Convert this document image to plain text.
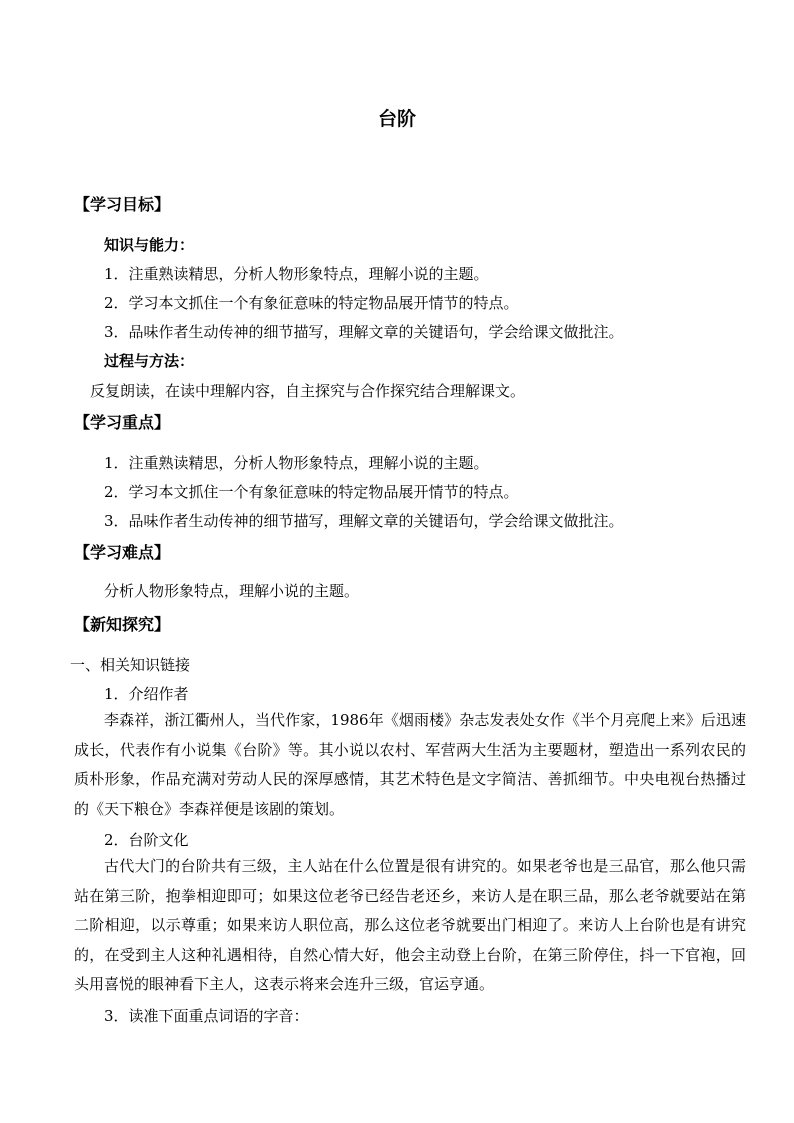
台阶
【学习目标】
知识与能力：
1．注重熟读精思，分析人物形象特点，理解小说的主题。
2．学习本文抓住一个有象征意味的特定物品展开情节的特点。
3．品味作者生动传神的细节描写，理解文章的关键语句，学会给课文做批注。
过程与方法：
反复朗读，在读中理解内容，自主探究与合作探究结合理解课文。
【学习重点】
1．注重熟读精思，分析人物形象特点，理解小说的主题。
2．学习本文抓住一个有象征意味的特定物品展开情节的特点。
3．品味作者生动传神的细节描写，理解文章的关键语句，学会给课文做批注。
【学习难点】
分析人物形象特点，理解小说的主题。
【新知探究】
一、相关知识链接
1．介绍作者
李森祥，浙江衢州人，当代作家，1986年《烟雨楼》杂志发表处女作《半个月亮爬上来》后迅速成长，代表作有小说集《台阶》等。其小说以农村、军营两大生活为主要题材，塑造出一系列农民的质朴形象，作品充满对劳动人民的深厚感情，其艺术特色是文字简洁、善抓细节。中央电视台热播过的《天下粮仓》李森祥便是该剧的策划。
2．台阶文化
古代大门的台阶共有三级，主人站在什么位置是很有讲究的。如果老爷也是三品官，那么他只需站在第三阶，抱拳相迎即可；如果这位老爷已经告老还乡，来访人是在职三品，那么老爷就要站在第二阶相迎，以示尊重；如果来访人职位高，那么这位老爷就要出门相迎了。来访人上台阶也是有讲究的，在受到主人这种礼遇相待，自然心情大好，他会主动登上台阶，在第三阶停住，抖一下官袍，回头用喜悦的眼神看下主人，这表示将来会连升三级，官运亨通。
3．读准下面重点词语的字音：
